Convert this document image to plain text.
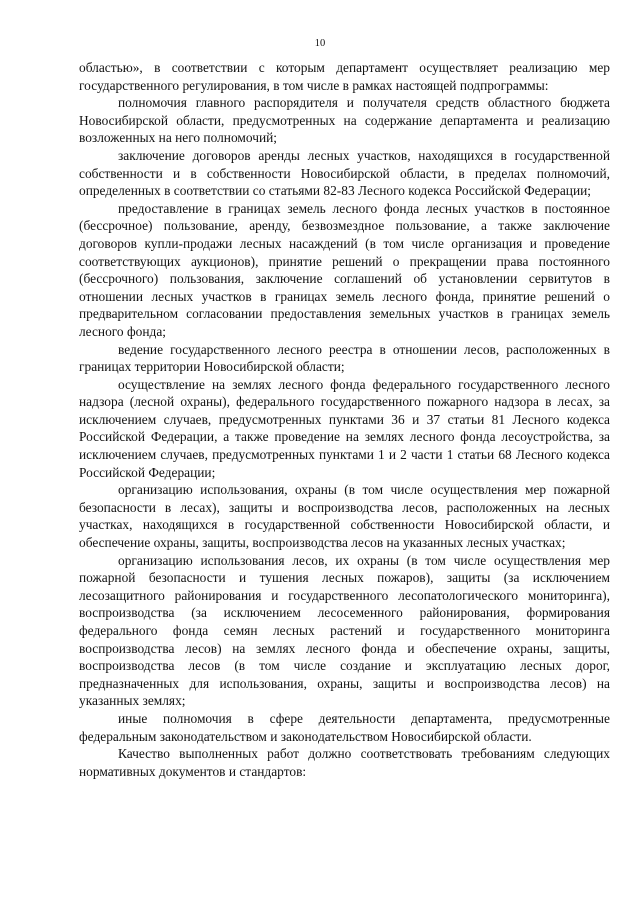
10

областью», в соответствии с которым департамент осуществляет реализацию мер государственного регулирования, в том числе в рамках настоящей подпрограммы:

полномочия главного распорядителя и получателя средств областного бюджета Новосибирской области, предусмотренных на содержание департамента и реализацию возложенных на него полномочий;

заключение договоров аренды лесных участков, находящихся в государственной собственности и в собственности Новосибирской области, в пределах полномочий, определенных в соответствии со статьями 82-83 Лесного кодекса Российской Федерации;

предоставление в границах земель лесного фонда лесных участков в постоянное (бессрочное) пользование, аренду, безвозмездное пользование, а также заключение договоров купли-продажи лесных насаждений (в том числе организация и проведение соответствующих аукционов), принятие решений о прекращении права постоянного (бессрочного) пользования, заключение соглашений об установлении сервитутов в отношении лесных участков в границах земель лесного фонда, принятие решений о предварительном согласовании предоставления земельных участков в границах земель лесного фонда;

ведение государственного лесного реестра в отношении лесов, расположенных в границах территории Новосибирской области;

осуществление на землях лесного фонда федерального государственного лесного надзора (лесной охраны), федерального государственного пожарного надзора в лесах, за исключением случаев, предусмотренных пунктами 36 и 37 статьи 81 Лесного кодекса Российской Федерации, а также проведение на землях лесного фонда лесоустройства, за исключением случаев, предусмотренных пунктами 1 и 2 части 1 статьи 68 Лесного кодекса Российской Федерации;

организацию использования, охраны (в том числе осуществления мер пожарной безопасности в лесах), защиты и воспроизводства лесов, расположенных на лесных участках, находящихся в государственной собственности Новосибирской области, и обеспечение охраны, защиты, воспроизводства лесов на указанных лесных участках;

организацию использования лесов, их охраны (в том числе осуществления мер пожарной безопасности и тушения лесных пожаров), защиты (за исключением лесозащитного районирования и государственного лесопатологического мониторинга), воспроизводства (за исключением лесосеменного районирования, формирования федерального фонда семян лесных растений и государственного мониторинга воспроизводства лесов) на землях лесного фонда и обеспечение охраны, защиты, воспроизводства лесов (в том числе создание и эксплуатацию лесных дорог, предназначенных для использования, охраны, защиты и воспроизводства лесов) на указанных землях;

иные полномочия в сфере деятельности департамента, предусмотренные федеральным законодательством и законодательством Новосибирской области.

Качество выполненных работ должно соответствовать требованиям следующих нормативных документов и стандартов:
